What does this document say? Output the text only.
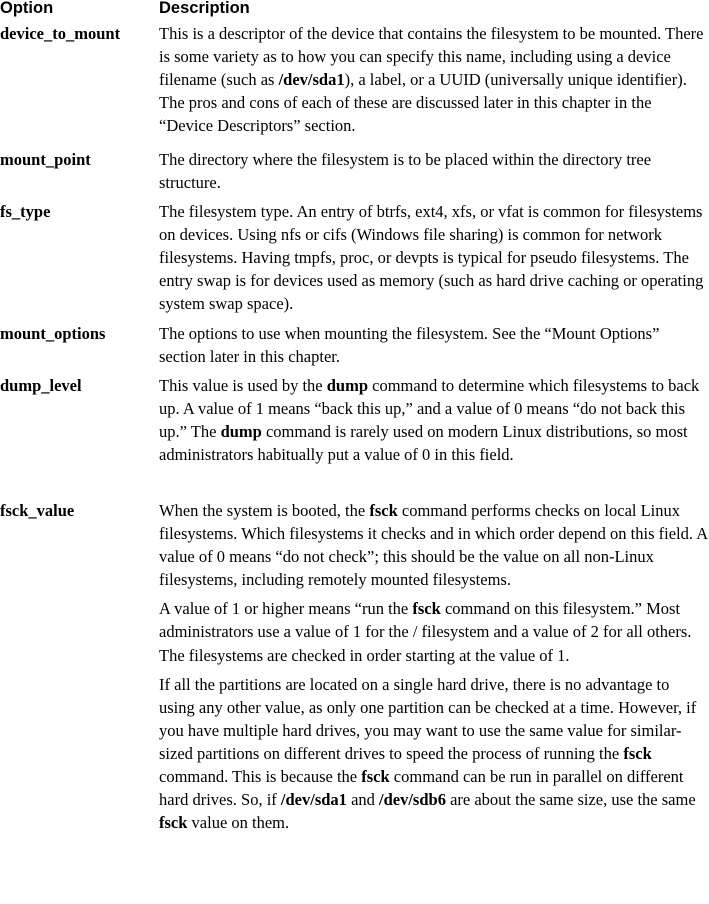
Option	Description
device_to_mount	This is a descriptor of the device that contains the filesystem to be mounted. There is some variety as to how you can specify this name, including using a device filename (such as /dev/sda1), a label, or a UUID (universally unique identifier). The pros and cons of each of these are discussed later in this chapter in the “Device Descriptors” section.

mount_point	The directory where the filesystem is to be placed within the directory tree structure.

fs_type	The filesystem type. An entry of btrfs, ext4, xfs, or vfat is common for filesystems on devices. Using nfs or cifs (Windows file sharing) is common for network filesystems. Having tmpfs, proc, or devpts is typical for pseudo filesystems. The entry swap is for devices used as memory (such as hard drive caching or operating system swap space).

mount_options	The options to use when mounting the filesystem. See the “Mount Options” section later in this chapter.

dump_level	This value is used by the dump command to determine which filesystems to back up. A value of 1 means “back this up,” and a value of 0 means “do not back this up.” The dump command is rarely used on modern Linux distributions, so most administrators habitually put a value of 0 in this field.

fsck_value	When the system is booted, the fsck command performs checks on local Linux filesystems. Which filesystems it checks and in which order depend on this field. A value of 0 means “do not check”; this should be the value on all non-Linux filesystems, including remotely mounted filesystems.

A value of 1 or higher means “run the fsck command on this filesystem.” Most administrators use a value of 1 for the / filesystem and a value of 2 for all others. The filesystems are checked in order starting at the value of 1.

If all the partitions are located on a single hard drive, there is no advantage to using any other value, as only one partition can be checked at a time. However, if you have multiple hard drives, you may want to use the same value for similar-sized partitions on different drives to speed the process of running the fsck command. This is because the fsck command can be run in parallel on different hard drives. So, if /dev/sda1 and /dev/sdb6 are about the same size, use the same fsck value on them.
